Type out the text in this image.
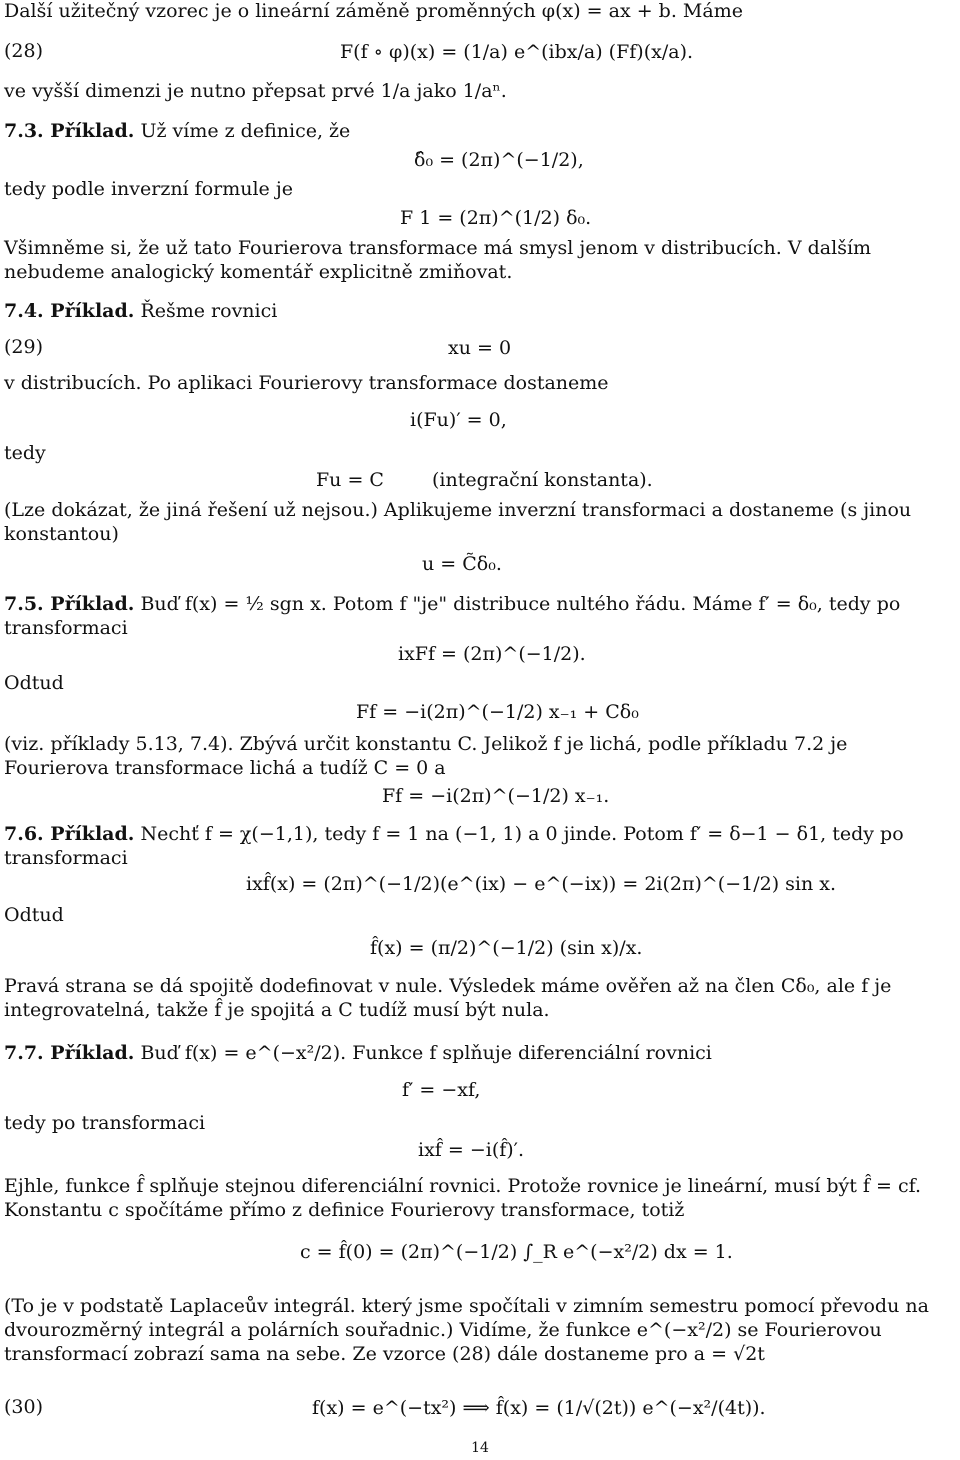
Další užitečný vzorec je o lineární záměně proměnných φ(x) = ax + b. Máme
(28)	F(f ∘ φ)(x) = (1/a) e^(ibx/a) (Ff)(x/a).
ve vyšší dimenzi je nutno přepsat prvé 1/a jako 1/aⁿ.
7.3. Příklad. Už víme z definice, že
δ̂₀ = (2π)^(−1/2),
tedy podle inverzní formule je
F 1 = (2π)^(1/2) δ₀.
Všimněme si, že už tato Fourierova transformace má smysl jenom v distribucích. V dalším nebudeme analogický komentář explicitně zmiňovat.
7.4. Příklad. Řešme rovnici
(29)	xu = 0
v distribucích. Po aplikaci Fourierovy transformace dostaneme
i(Fu)′ = 0,
tedy
Fu = C	(integrační konstanta).
(Lze dokázat, že jiná řešení už nejsou.) Aplikujeme inverzní transformaci a dostaneme (s jinou konstantou)
u = C̃δ₀.
7.5. Příklad. Buď f(x) = ½ sgn x. Potom f "je" distribuce nultého řádu. Máme f′ = δ₀, tedy po
transformaci
ixFf = (2π)^(−1/2).
Odtud
Ff = −i(2π)^(−1/2) x₋₁ + Cδ₀
(viz. příklady 5.13, 7.4). Zbývá určit konstantu C. Jelikož f je lichá, podle příkladu 7.2 je Fourierova transformace lichá a tudíž C = 0 a
Ff = −i(2π)^(−1/2) x₋₁.
7.6. Příklad. Nechť f = χ(−1,1), tedy f = 1 na (−1, 1) a 0 jinde. Potom f′ = δ−1 − δ1, tedy po
transformaci
ixf̂(x) = (2π)^(−1/2)(e^(ix) − e^(−ix)) = 2i(2π)^(−1/2) sin x.
Odtud
f̂(x) = (π/2)^(−1/2) (sin x)/x.
Pravá strana se dá spojitě dodefinovat v nule. Výsledek máme ověřen až na člen Cδ₀, ale f je integrovatelná, takže f̂ je spojitá a C tudíž musí být nula.
7.7. Příklad. Buď f(x) = e^(−x²/2). Funkce f splňuje diferenciální rovnici
f′ = −xf,
tedy po transformaci
ixf̂ = −i(f̂)′.
Ejhle, funkce f̂ splňuje stejnou diferenciální rovnici. Protože rovnice je lineární, musí být f̂ = cf. Konstantu c spočítáme přímo z definice Fourierovy transformace, totiž
c = f̂(0) = (2π)^(−1/2) ∫_R e^(−x²/2) dx = 1.
(To je v podstatě Laplaceův integrál. který jsme spočítali v zimním semestru pomocí převodu na dvourozměrný integrál a polárních souřadnic.) Vidíme, že funkce e^(−x²/2) se Fourierovou transformací zobrazí sama na sebe. Ze vzorce (28) dále dostaneme pro a = √2t
(30)	f(x) = e^(−tx²) ⟹ f̂(x) = (1/√(2t)) e^(−x²/(4t)).
14
